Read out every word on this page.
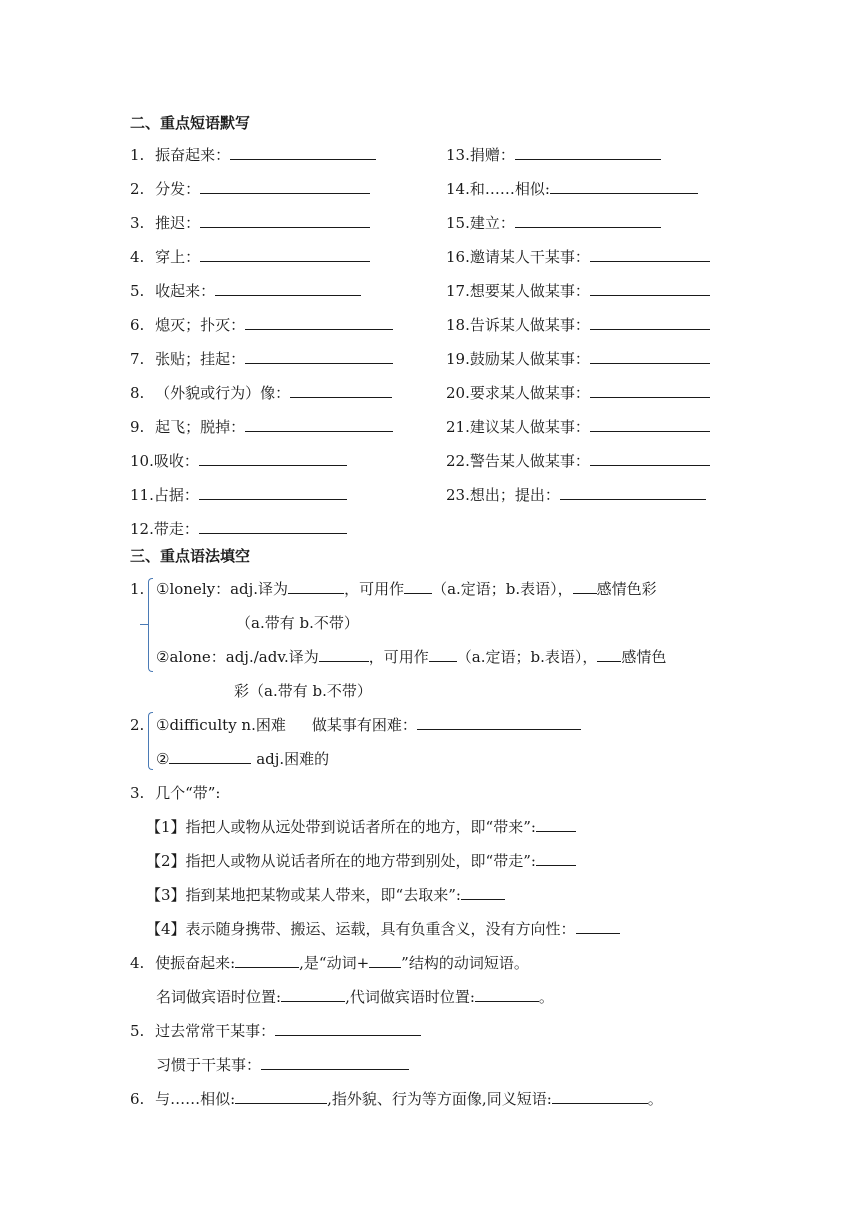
二、重点短语默写
1. 振奋起来：
2. 分发：
3. 推迟：
4. 穿上：
5. 收起来：
6. 熄灭；扑灭：
7. 张贴；挂起：
8. （外貌或行为）像：
9. 起飞；脱掉：
10.吸收：
11.占据：
12.带走：
13.捐赠：
14.和……相似:
15.建立：
16.邀请某人干某事：
17.想要某人做某事：
18.告诉某人做某事：
19.鼓励某人做某事：
20.要求某人做某事：
21.建议某人做某事：
22.警告某人做某事：
23.想出；提出：
三、重点语法填空
1. ①lonely：adj.译为	，可用作 （a.定语；b.表语）， 感情色彩
（a.带有 b.不带）
②alone：adj./adv.译为	，可用作 （a.定语；b.表语）， 感情色
彩（a.带有 b.不带）
2. ①difficulty n.困难 做某事有困难：
②	adj.困难的
3. 几个“带”:
【1】指把人或物从远处带到说话者所在的地方，即“带来”:
【2】指把人或物从说话者所在的地方带到别处，即“带走”:
【3】指到某地把某物或某人带来，即“去取来”:
【4】表示随身携带、搬运、运载，具有负重含义，没有方向性：
4. 使振奋起来:	,是“动词+ ”结构的动词短语。
名词做宾语时位置:	,代词做宾语时位置:	。
5. 过去常常干某事：
习惯于干某事：
6. 与……相似:	,指外貌、行为等方面像,同义短语:	。
